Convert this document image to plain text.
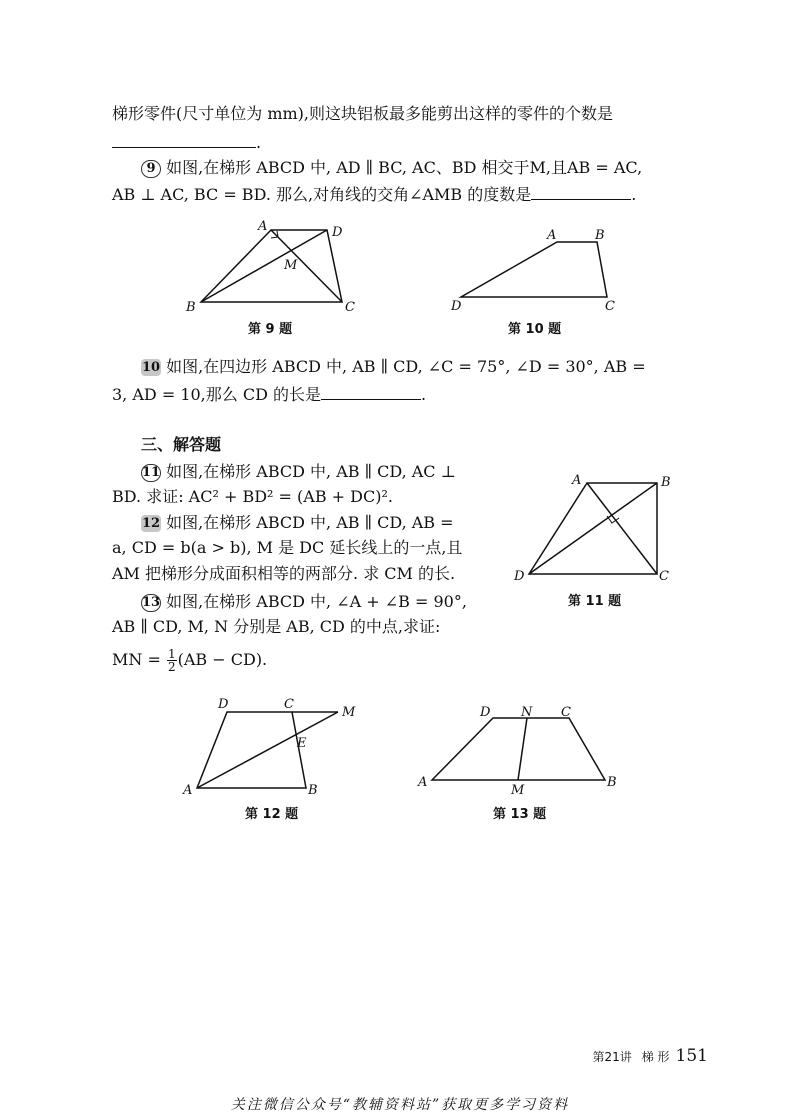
梯形零件(尺寸单位为 mm),则这块铝板最多能剪出这样的零件的个数是
.
9 如图,在梯形 ABCD 中, AD ∥ BC, AC、BD 相交于M,且AB = AC,
AB ⊥ AC, BC = BD. 那么,对角线的交角∠AMB 的度数是	.
A	D
M
B	C
第 9 题
A	B
D	C
第 10 题
10 如图,在四边形 ABCD 中, AB ∥ CD, ∠C = 75°, ∠D = 30°, AB =
3, AD = 10,那么 CD 的长是	.
三、解答题
11 如图,在梯形 ABCD 中, AB ∥ CD, AC ⊥
BD. 求证: AC² + BD² = (AB + DC)².
12 如图,在梯形 ABCD 中, AB ∥ CD, AB =
a, CD = b(a > b), M 是 DC 延长线上的一点,且
AM 把梯形分成面积相等的两部分. 求 CM 的长.
13 如图,在梯形 ABCD 中, ∠A + ∠B = 90°,
AB ∥ CD, M, N 分别是 AB, CD 的中点,求证:
MN = $\frac{1}{2} (AB - CD)$.
A	B
D	C
第 11 题
D	C
M
E
A	B
第 12 题
D N C
A
M
B
第 13 题
第21讲 梯 形 151
关注微信公众号“教辅资料站”获取更多学习资料
